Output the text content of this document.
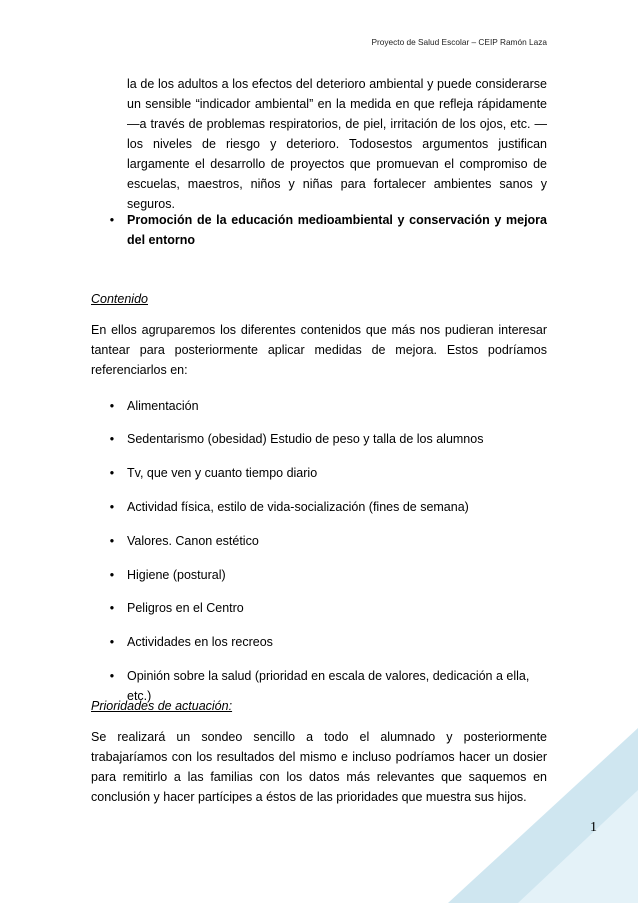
Proyecto de Salud Escolar – CEIP Ramón Laza
la de los adultos a los efectos del deterioro ambiental y puede considerarse un sensible “indicador ambiental” en la medida en que refleja rápidamente —a través de problemas respiratorios, de piel, irritación de los ojos, etc. — los niveles de riesgo y deterioro. Todosestos argumentos justifican largamente el desarrollo de proyectos que promuevan el compromiso de escuelas, maestros, niños y niñas para fortalecer ambientes sanos y seguros.
•	Promoción de la educación medioambiental y conservación y mejora del entorno
Contenido
En ellos agruparemos los diferentes contenidos que más nos pudieran interesar tantear para posteriormente aplicar medidas de mejora. Estos podríamos referenciarlos en:
•	Alimentación
•	Sedentarismo (obesidad) Estudio de peso y talla de los alumnos
•	Tv, que ven y cuanto tiempo diario
•	Actividad física, estilo de vida-socialización (fines de semana)
•	Valores. Canon estético
•	Higiene (postural)
•	Peligros en el Centro
•	Actividades en los recreos
•	Opinión sobre la salud (prioridad en escala de valores, dedicación a ella, etc.)
Prioridades de actuación:
Se realizará un sondeo sencillo a todo el alumnado y posteriormente trabajaríamos con los resultados del mismo e incluso podríamos hacer un dosier para remitirlo a las familias con los datos más relevantes que saquemos en conclusión y hacer partícipes a éstos de las prioridades que muestra sus hijos.
1
